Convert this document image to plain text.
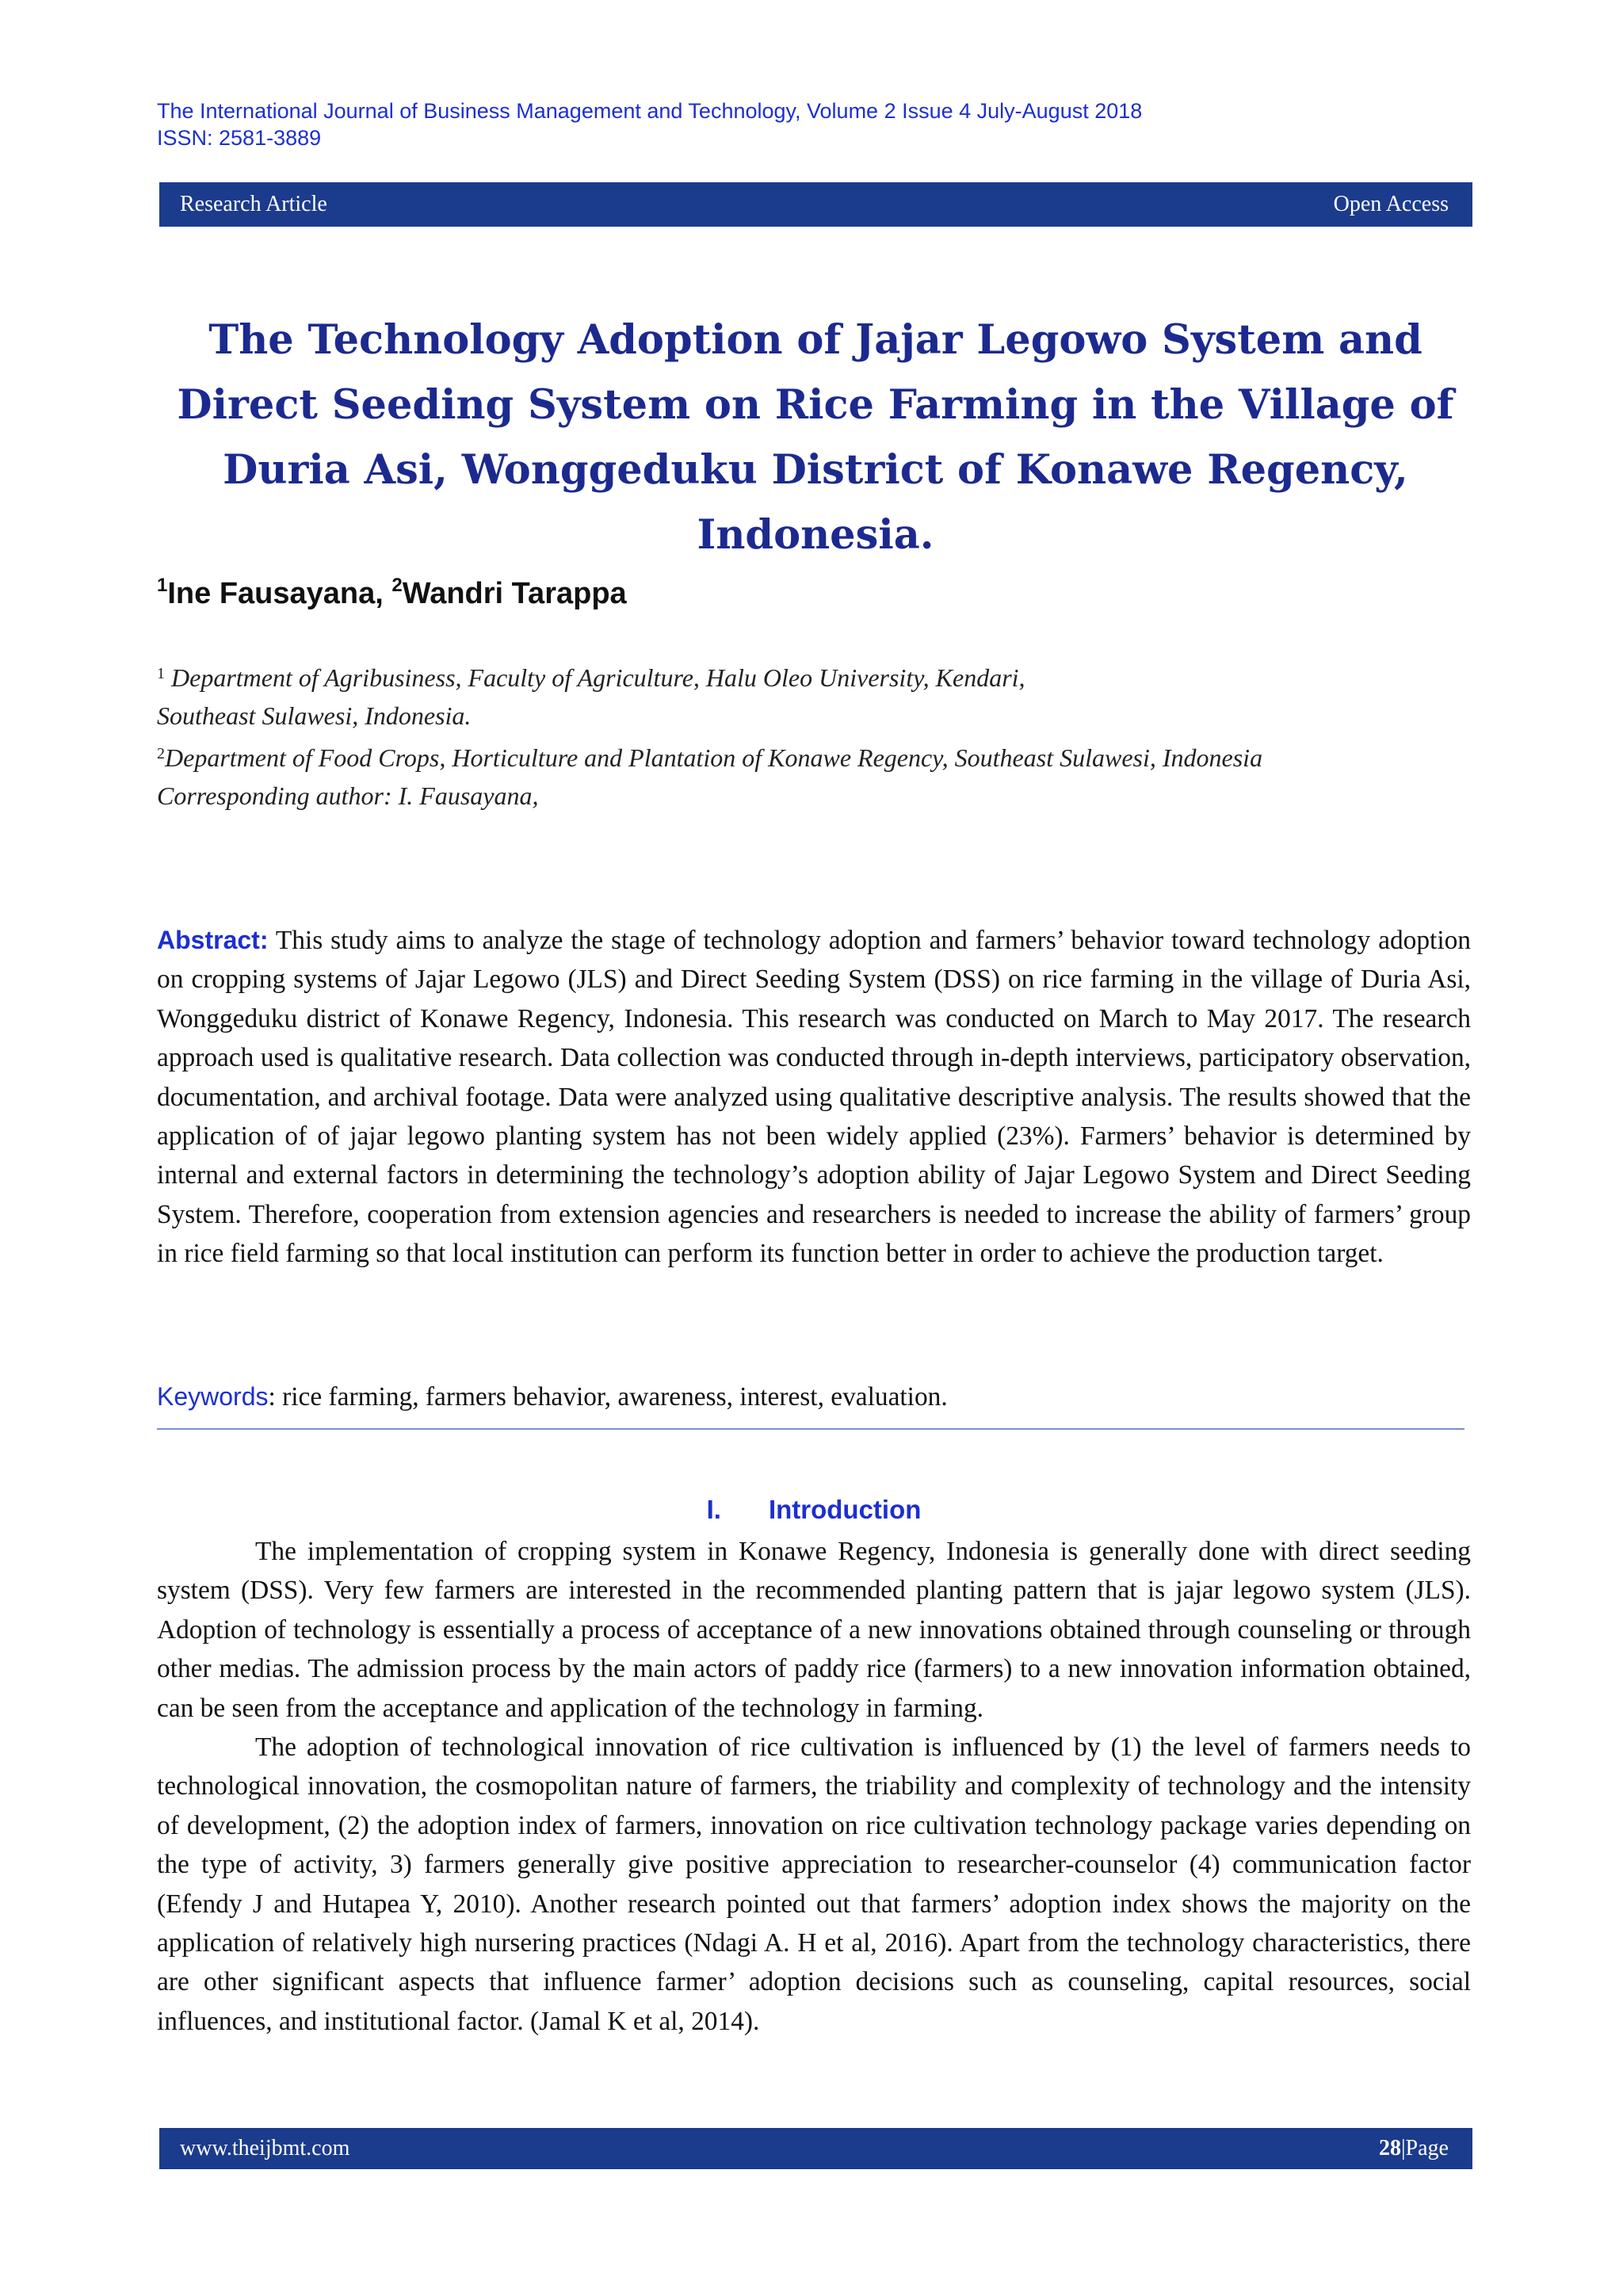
The International Journal of Business Management and Technology, Volume 2 Issue 4 July-August 2018
ISSN: 2581-3889
Research Article	Open Access
The Technology Adoption of Jajar Legowo System and Direct Seeding System on Rice Farming in the Village of Duria Asi, Wonggeduku District of Konawe Regency, Indonesia.
$^1$Ine Fausayana, $^2$Wandri Tarappa

$^1$ Department of Agribusiness, Faculty of Agriculture, Halu Oleo University, Kendari,

Southeast Sulawesi, Indonesia.

$^2$Department of Food Crops, Horticulture and Plantation of Konawe Regency, Southeast Sulawesi, Indonesia

Corresponding author: I. Fausayana,

Abstract: This study aims to analyze the stage of technology adoption and farmers’ behavior toward technology adoption on cropping systems of Jajar Legowo (JLS) and Direct Seeding System (DSS) on rice farming in the village of Duria Asi, Wonggeduku district of Konawe Regency, Indonesia. This research was conducted on March to May 2017. The research approach used is qualitative research. Data collection was conducted through in-depth interviews, participatory observation, documentation, and archival footage. Data were analyzed using qualitative descriptive analysis. The results showed that the application of of jajar legowo planting system has not been widely applied (23%). Farmers’ behavior is determined by internal and external factors in determining the technology’s adoption ability of Jajar Legowo System and Direct Seeding System. Therefore, cooperation from extension agencies and researchers is needed to increase the ability of farmers’ group in rice field farming so that local institution can perform its function better in order to achieve the production target.

Keywords: rice farming, farmers behavior, awareness, interest, evaluation.

I. Introduction

The implementation of cropping system in Konawe Regency, Indonesia is generally done with direct seeding system (DSS). Very few farmers are interested in the recommended planting pattern that is jajar legowo system (JLS). Adoption of technology is essentially a process of acceptance of a new innovations obtained through counseling or through other medias. The admission process by the main actors of paddy rice (farmers) to a new innovation information obtained, can be seen from the acceptance and application of the technology in farming.

The adoption of technological innovation of rice cultivation is influenced by (1) the level of farmers needs to technological innovation, the cosmopolitan nature of farmers, the triability and complexity of technology and the intensity of development, (2) the adoption index of farmers, innovation on rice cultivation technology package varies depending on the type of activity, 3) farmers generally give positive appreciation to researcher-counselor (4) communication factor (Efendy J and Hutapea Y, 2010). Another research pointed out that farmers’ adoption index shows the majority on the application of relatively high nursering practices (Ndagi A. H et al, 2016). Apart from the technology characteristics, there are other significant aspects that influence farmer’ adoption decisions such as counseling, capital resources, social influences, and institutional factor. (Jamal K et al, 2014).

www.theijbmt.com	28|Page
